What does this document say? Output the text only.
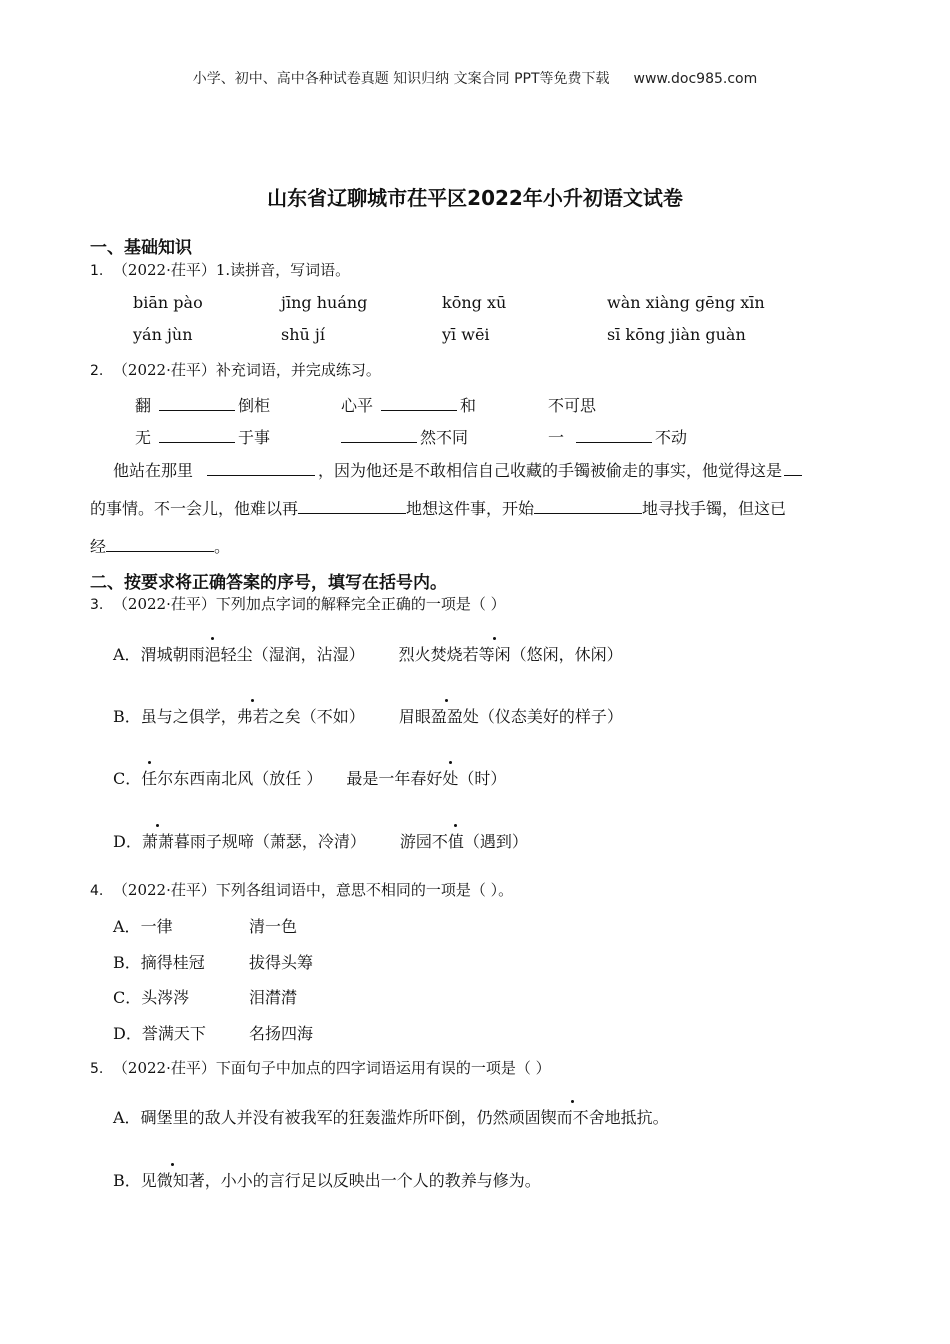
小学、初中、高中各种试卷真题 知识归纳 文案合同 PPT等免费下载 www.doc985.com
山东省辽聊城市茌平区2022年小升初语文试卷
一、基础知识
1. （2022·茌平）1.读拼音，写词语。
biān pào	jīng huáng	kōng xū	wàn xiàng gēng xīn
yán jùn	shū jí	yī wēi	sī kōng jiàn guàn
2. （2022·茌平）补充词语，并完成练习。
翻	倒柜	心平	和	不可思
无	于事	然不同	一	不动
他站在那里	，因为他还是不敢相信自己收藏的手镯被偷走的事实，他觉得这是
的事情。不一会儿，他难以再	地想这件事，开始	地寻找手镯，但这已
经	。
二、按要求将正确答案的序号，填写在括号内。
3. （2022·茌平）下列加点字词的解释完全正确的一项是（ ）
A．渭城朝雨浥轻尘（湿润，沾湿） 烈火焚烧若等闲（悠闲，休闲）
B．虽与之俱学，弗若之矣（不如） 眉眼盈盈处（仪态美好的样子）
C．任尔东西南北风（放任 ） 最是一年春好处（时）
D．萧萧暮雨子规啼（萧瑟，冷清） 游园不值（遇到）
4. （2022·茌平）下列各组词语中，意思不相同的一项是（ ）。
A．一律	清一色
B．摘得桂冠	拔得头筹
C．头涔涔	泪潸潸
D．誉满天下	名扬四海
5. （2022·茌平）下面句子中加点的四字词语运用有误的一项是（ ）
A．碉堡里的敌人并没有被我军的狂轰滥炸所吓倒，仍然顽固锲而不舍地抵抗。
B．见微知著，小小的言行足以反映出一个人的教养与修为。
